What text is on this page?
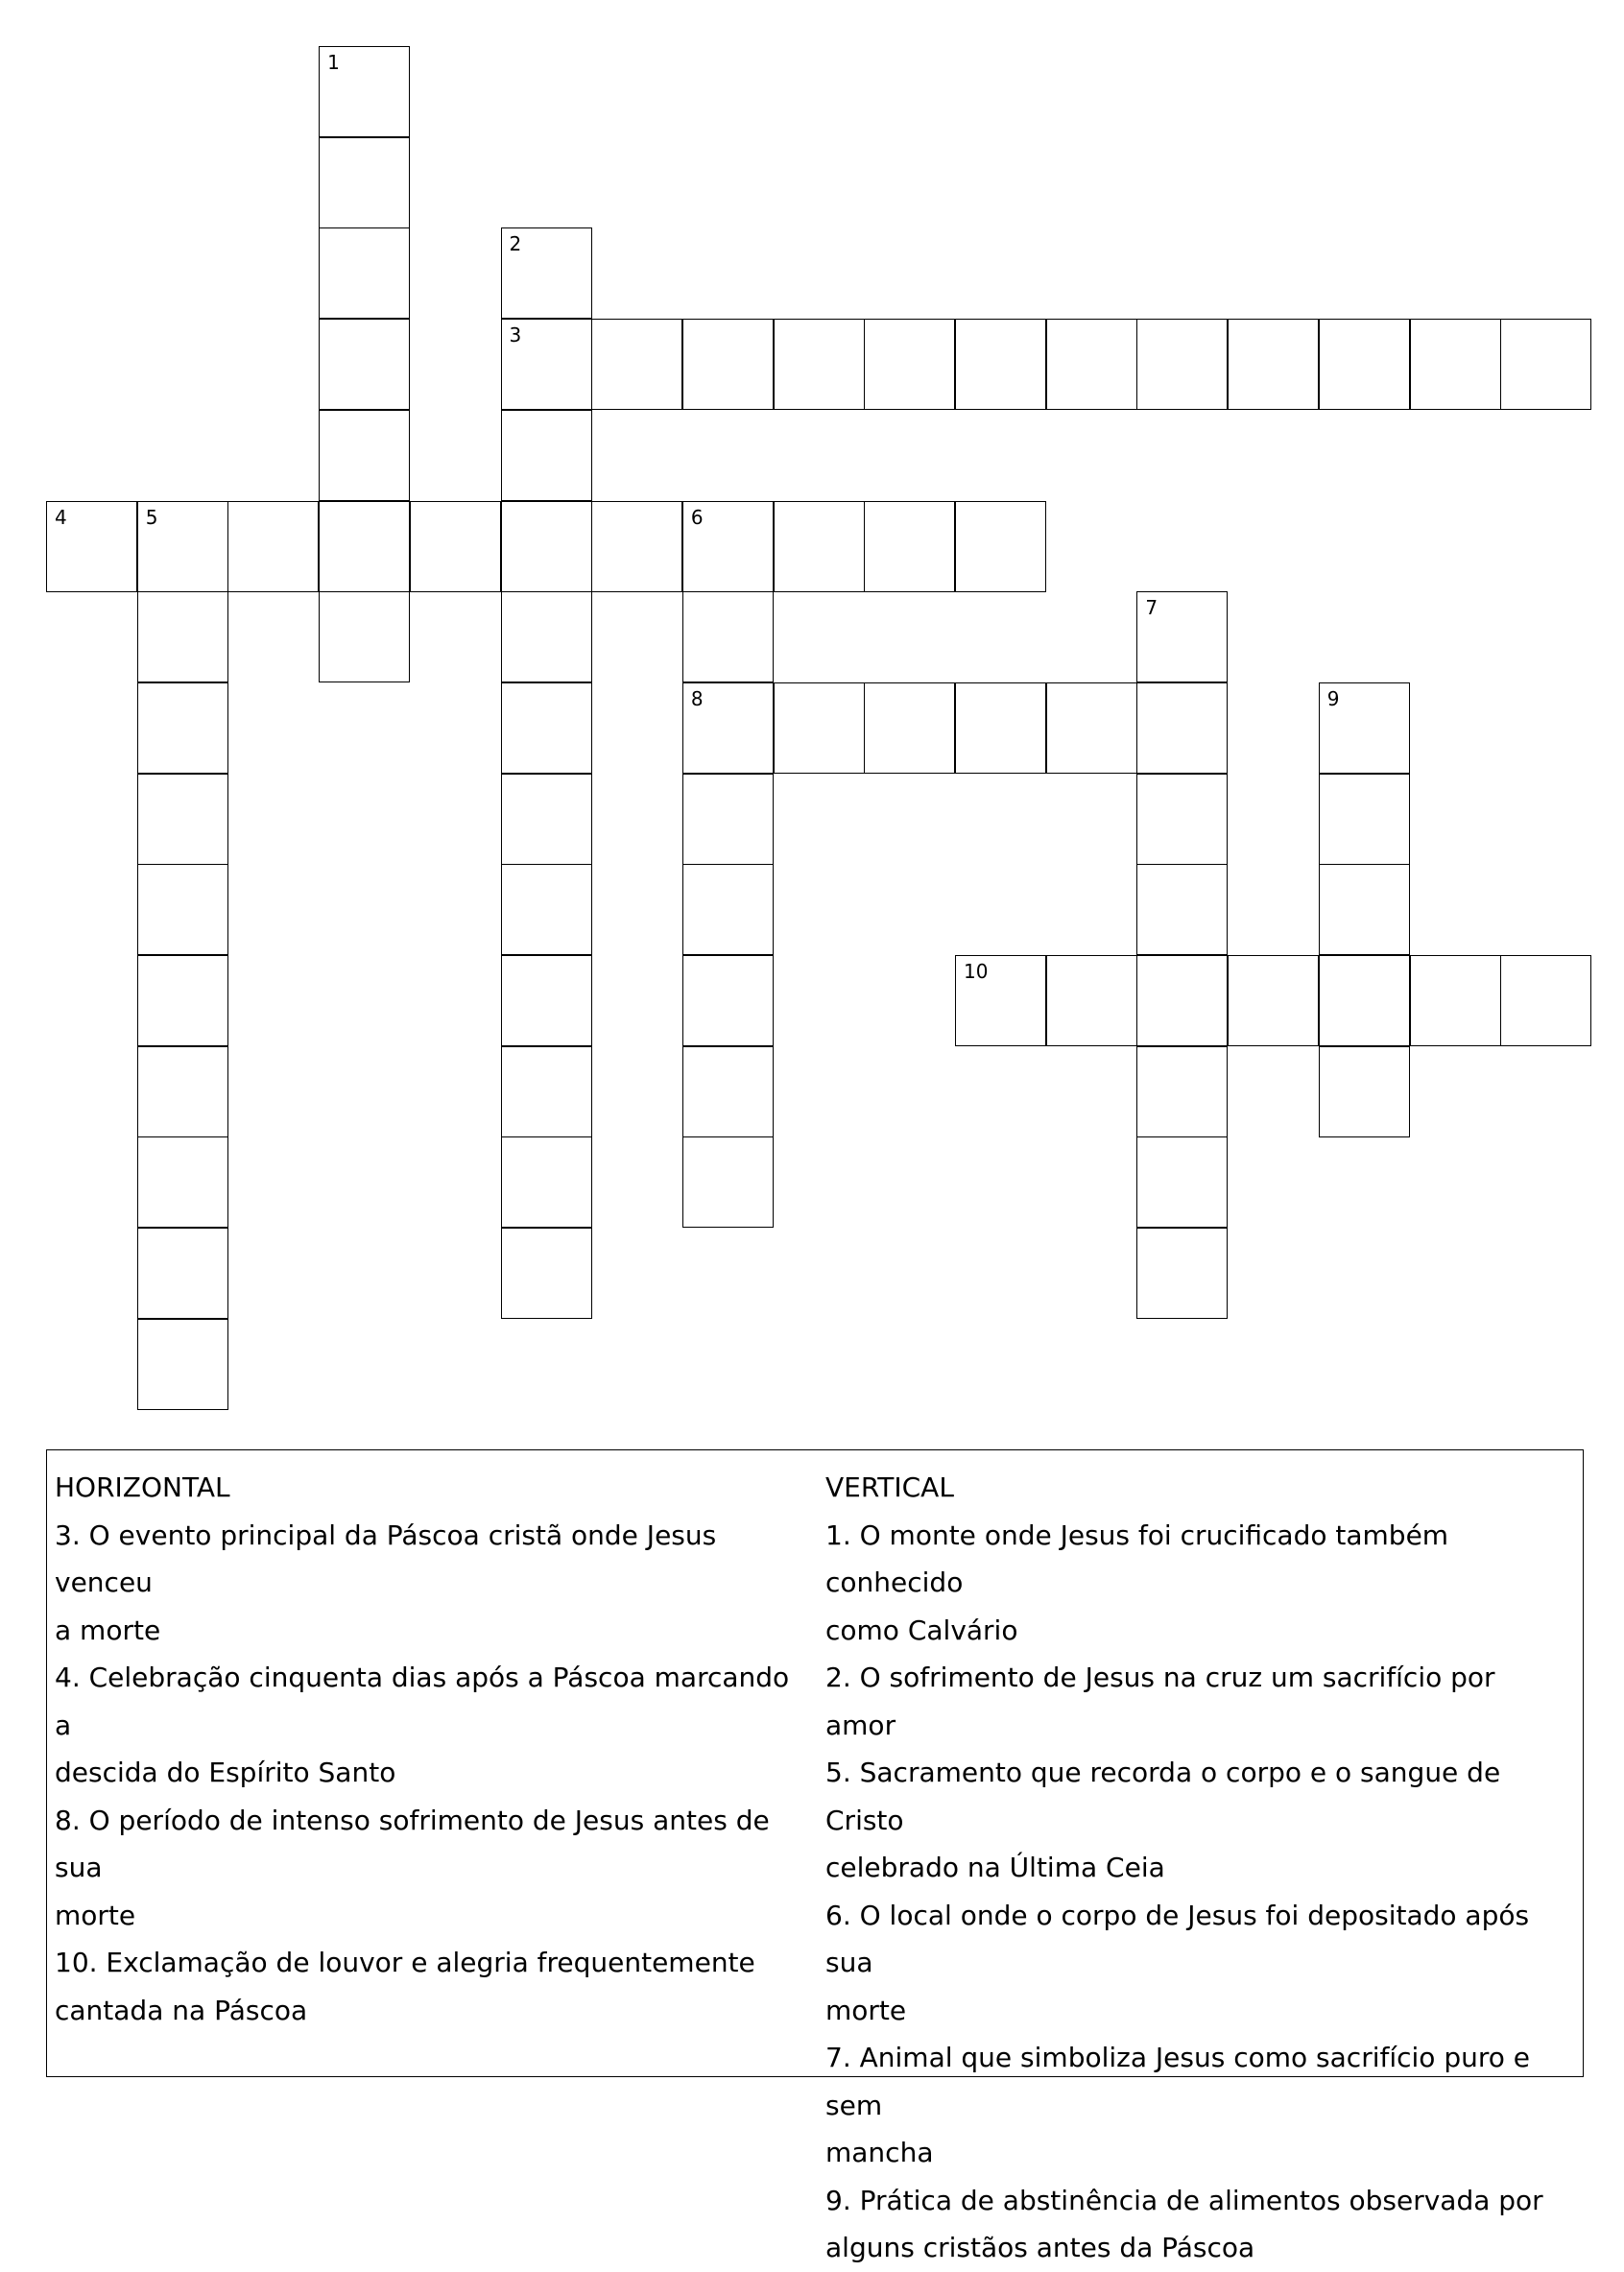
1
2
3
4	5	6
8
7
9
10
HORIZONTAL
3. O evento principal da Páscoa cristã onde Jesus venceu
a morte
4. Celebração cinquenta dias após a Páscoa marcando a
descida do Espírito Santo
8. O período de intenso sofrimento de Jesus antes de sua
morte
10. Exclamação de louvor e alegria frequentemente
cantada na Páscoa
VERTICAL
1. O monte onde Jesus foi crucificado também conhecido
como Calvário
2. O sofrimento de Jesus na cruz um sacrifício por amor
5. Sacramento que recorda o corpo e o sangue de Cristo
celebrado na Última Ceia
6. O local onde o corpo de Jesus foi depositado após sua
morte
7. Animal que simboliza Jesus como sacrifício puro e sem
mancha
9. Prática de abstinência de alimentos observada por
alguns cristãos antes da Páscoa
